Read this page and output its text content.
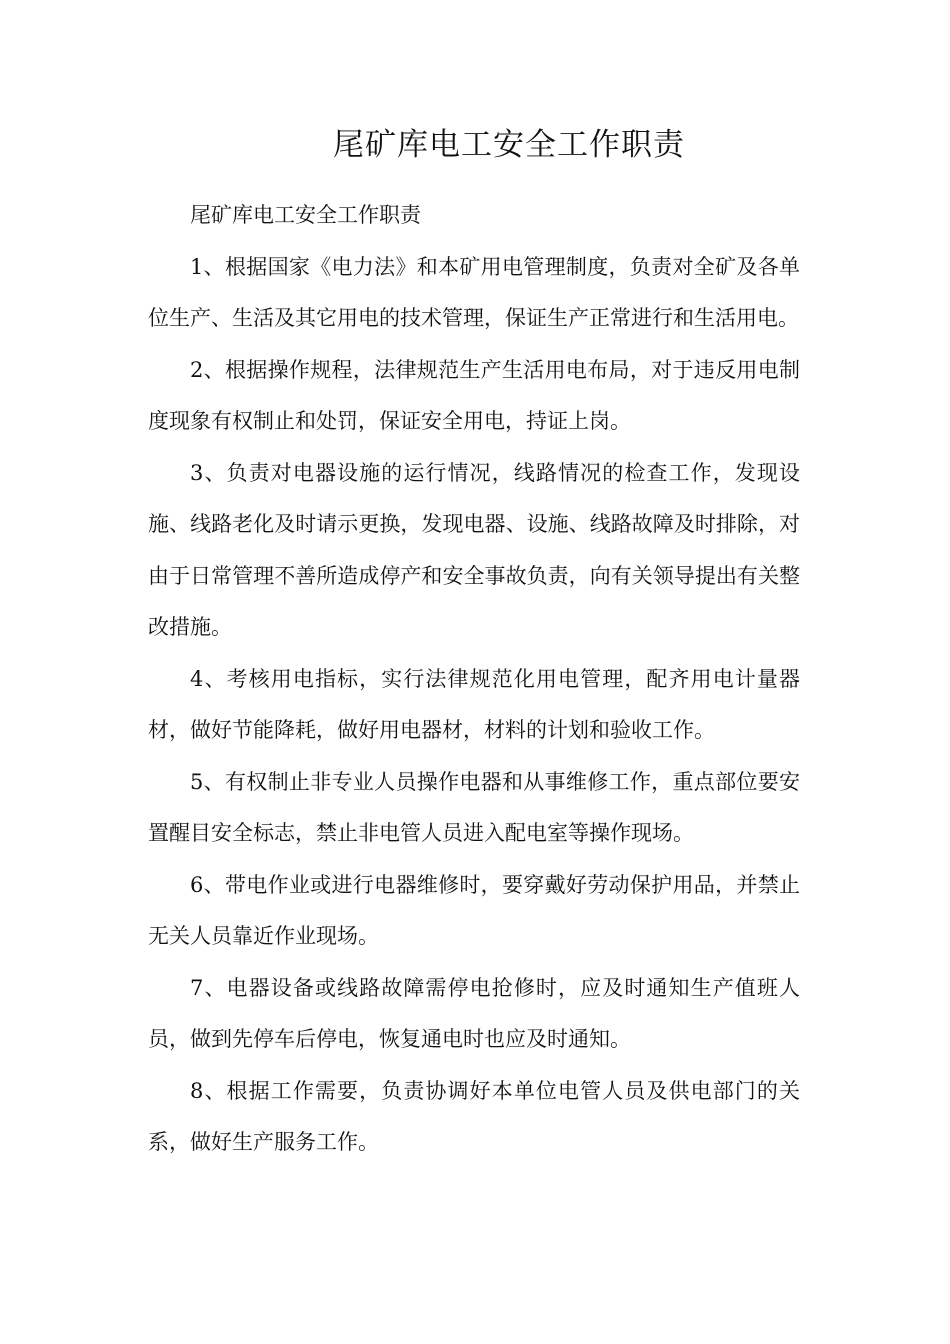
尾矿库电工安全工作职责

尾矿库电工安全工作职责

1、根据国家《电力法》和本矿用电管理制度，负责对全矿及各单位生产、生活及其它用电的技术管理，保证生产正常进行和生活用电。

2、根据操作规程，法律规范生产生活用电布局，对于违反用电制度现象有权制止和处罚，保证安全用电，持证上岗。

3、负责对电器设施的运行情况，线路情况的检查工作，发现设施、线路老化及时请示更换，发现电器、设施、线路故障及时排除，对由于日常管理不善所造成停产和安全事故负责，向有关领导提出有关整改措施。

4、考核用电指标，实行法律规范化用电管理，配齐用电计量器材，做好节能降耗，做好用电器材，材料的计划和验收工作。

5、有权制止非专业人员操作电器和从事维修工作，重点部位要安置醒目安全标志，禁止非电管人员进入配电室等操作现场。

6、带电作业或进行电器维修时，要穿戴好劳动保护用品，并禁止无关人员靠近作业现场。

7、电器设备或线路故障需停电抢修时，应及时通知生产值班人员，做到先停车后停电，恢复通电时也应及时通知。

8、根据工作需要，负责协调好本单位电管人员及供电部门的关系，做好生产服务工作。
